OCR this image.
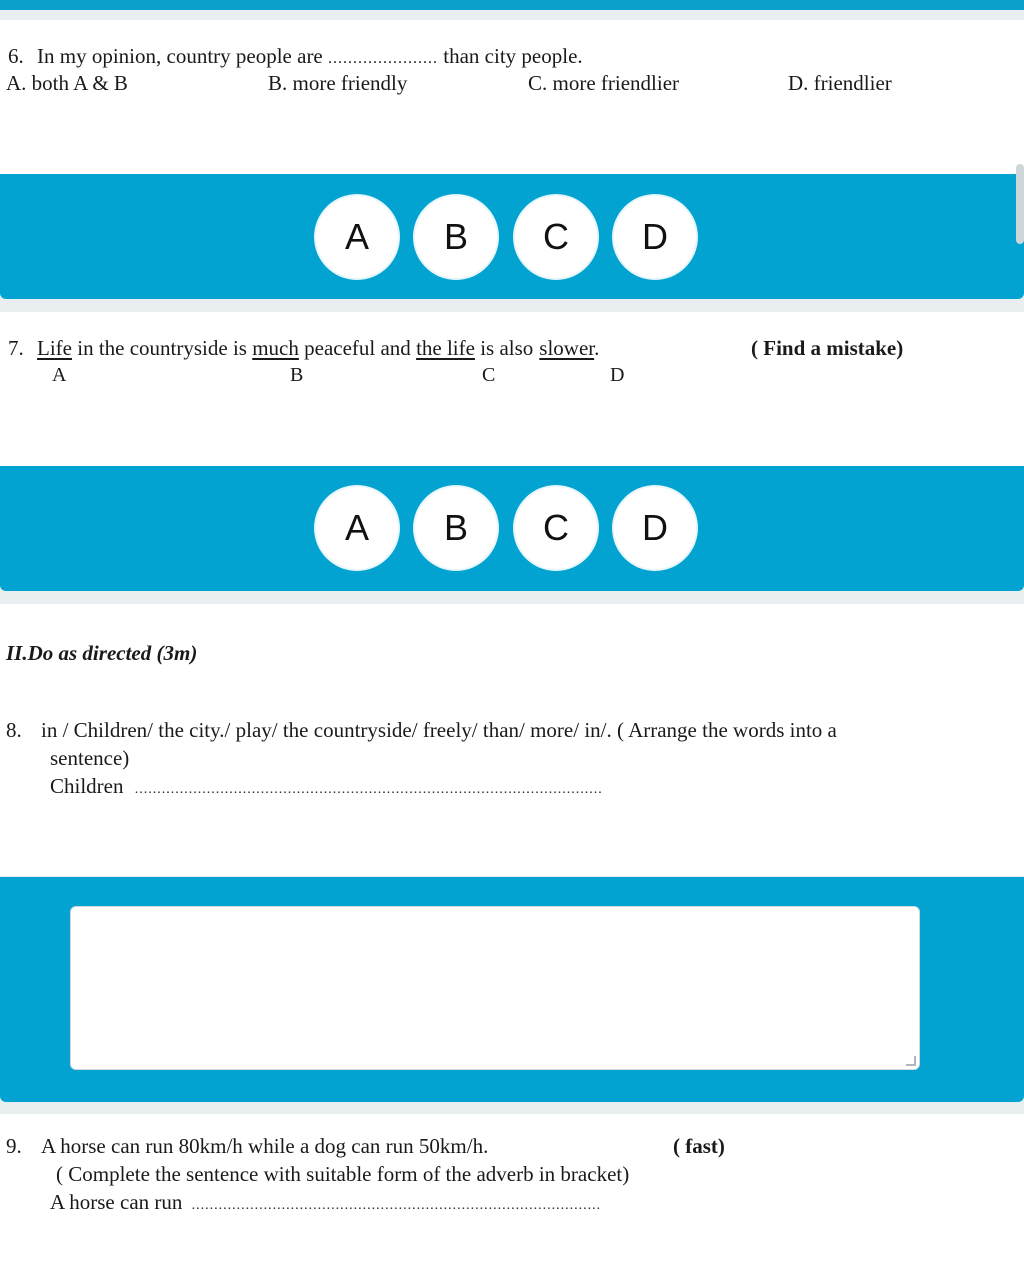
6. In my opinion, country people are ...................... than city people.
A. both A & B	B. more friendly	C. more friendlier	D. friendlier
A	B	C	D
7. Life in the countryside is much peaceful and the life is also slower.	( Find a mistake)
A	B	C	D
A	B	C	D
II.Do as directed (3m)
8. in / Children/ the city./ play/ the countryside/ freely/ than/ more/ in/. ( Arrange the words into a
sentence)
Children ........................................................................................................
9. A horse can run 80km/h while a dog can run 50km/h.	( fast)
( Complete the sentence with suitable form of the adverb in bracket)
A horse can run ...........................................................................................
